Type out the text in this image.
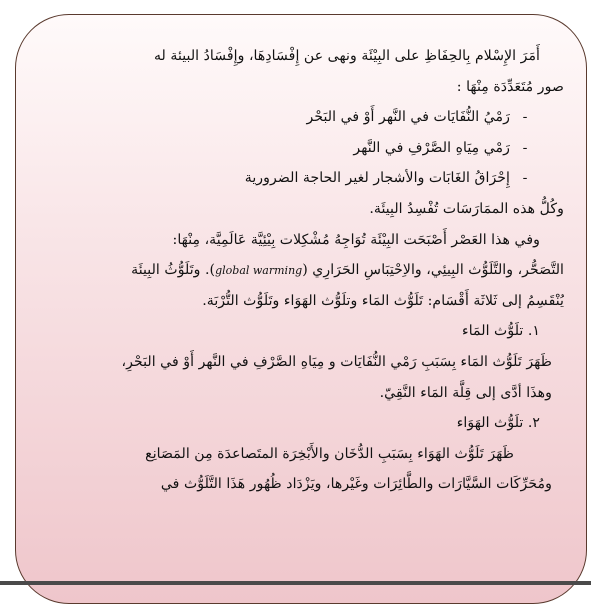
أَمَرَ الإِسْلام بِالحِفَاظِ على البِيْئَة ونهى عن إِفْسَادِهَا، وإِفْسَادُ البيئة له
صور مُتَعَدِّدَة مِنْهَا :
-رَمْيُ النُّفَايَات في النَّهر أَوْ في البَحْر
-رَمْي مِيَاهِ الصَّرْفِ في النَّهر
-إِحْرَاقُ الغَابَات والأشجار لغير الحاجة الضرورية
وكُلُّ هذه الممَارَسَات تُفْسِدُ البِيئَة.
وفي هذا العَصْر أَصْبَحَت البِيْئَة تُوَاجِهُ مُشْكِلات بِيْئِيَّة عَالَمِيَّة، مِنْهَا:
التَّصَحُّر، والتَّلَوُّث البِيئِي، والاِحْتِبَاسِ الحَرَارِي (global warming). وتَلَوُّثُ البِيئَة
يُنْقَسِمُ إلى ثَلاثَة أَقْسَام: تَلَوُّث المَاء وتلَوُّث الهَوَاء وتَلَوُّث التُّرْبَة.
١. تلَوُّث المَاء
ظَهَرَ تَلَوُّث المَاء بِسَبَبِ رَمْي النُّفَايَات و مِيَاهِ الصَّرْفِ في النَّهر أَوْ في البَحْرِ،
وهذَا أدَّى إلى قِلَّة المَاء النَّقِيّ.
٢. تلَوُّث الهَوَاء
ظَهَرَ تَلَوُّث الهَوَاء بِسَبَبِ الدُّخَان والأَبْخِرَة المتَصاعدَة مِن المَصَانِع
ومُحَرِّكَات السَّيَّارَات والطَّائِرَات وغَيْرها، ويَزْدَاد ظُهُور هَذَا التَّلَوُّث في
